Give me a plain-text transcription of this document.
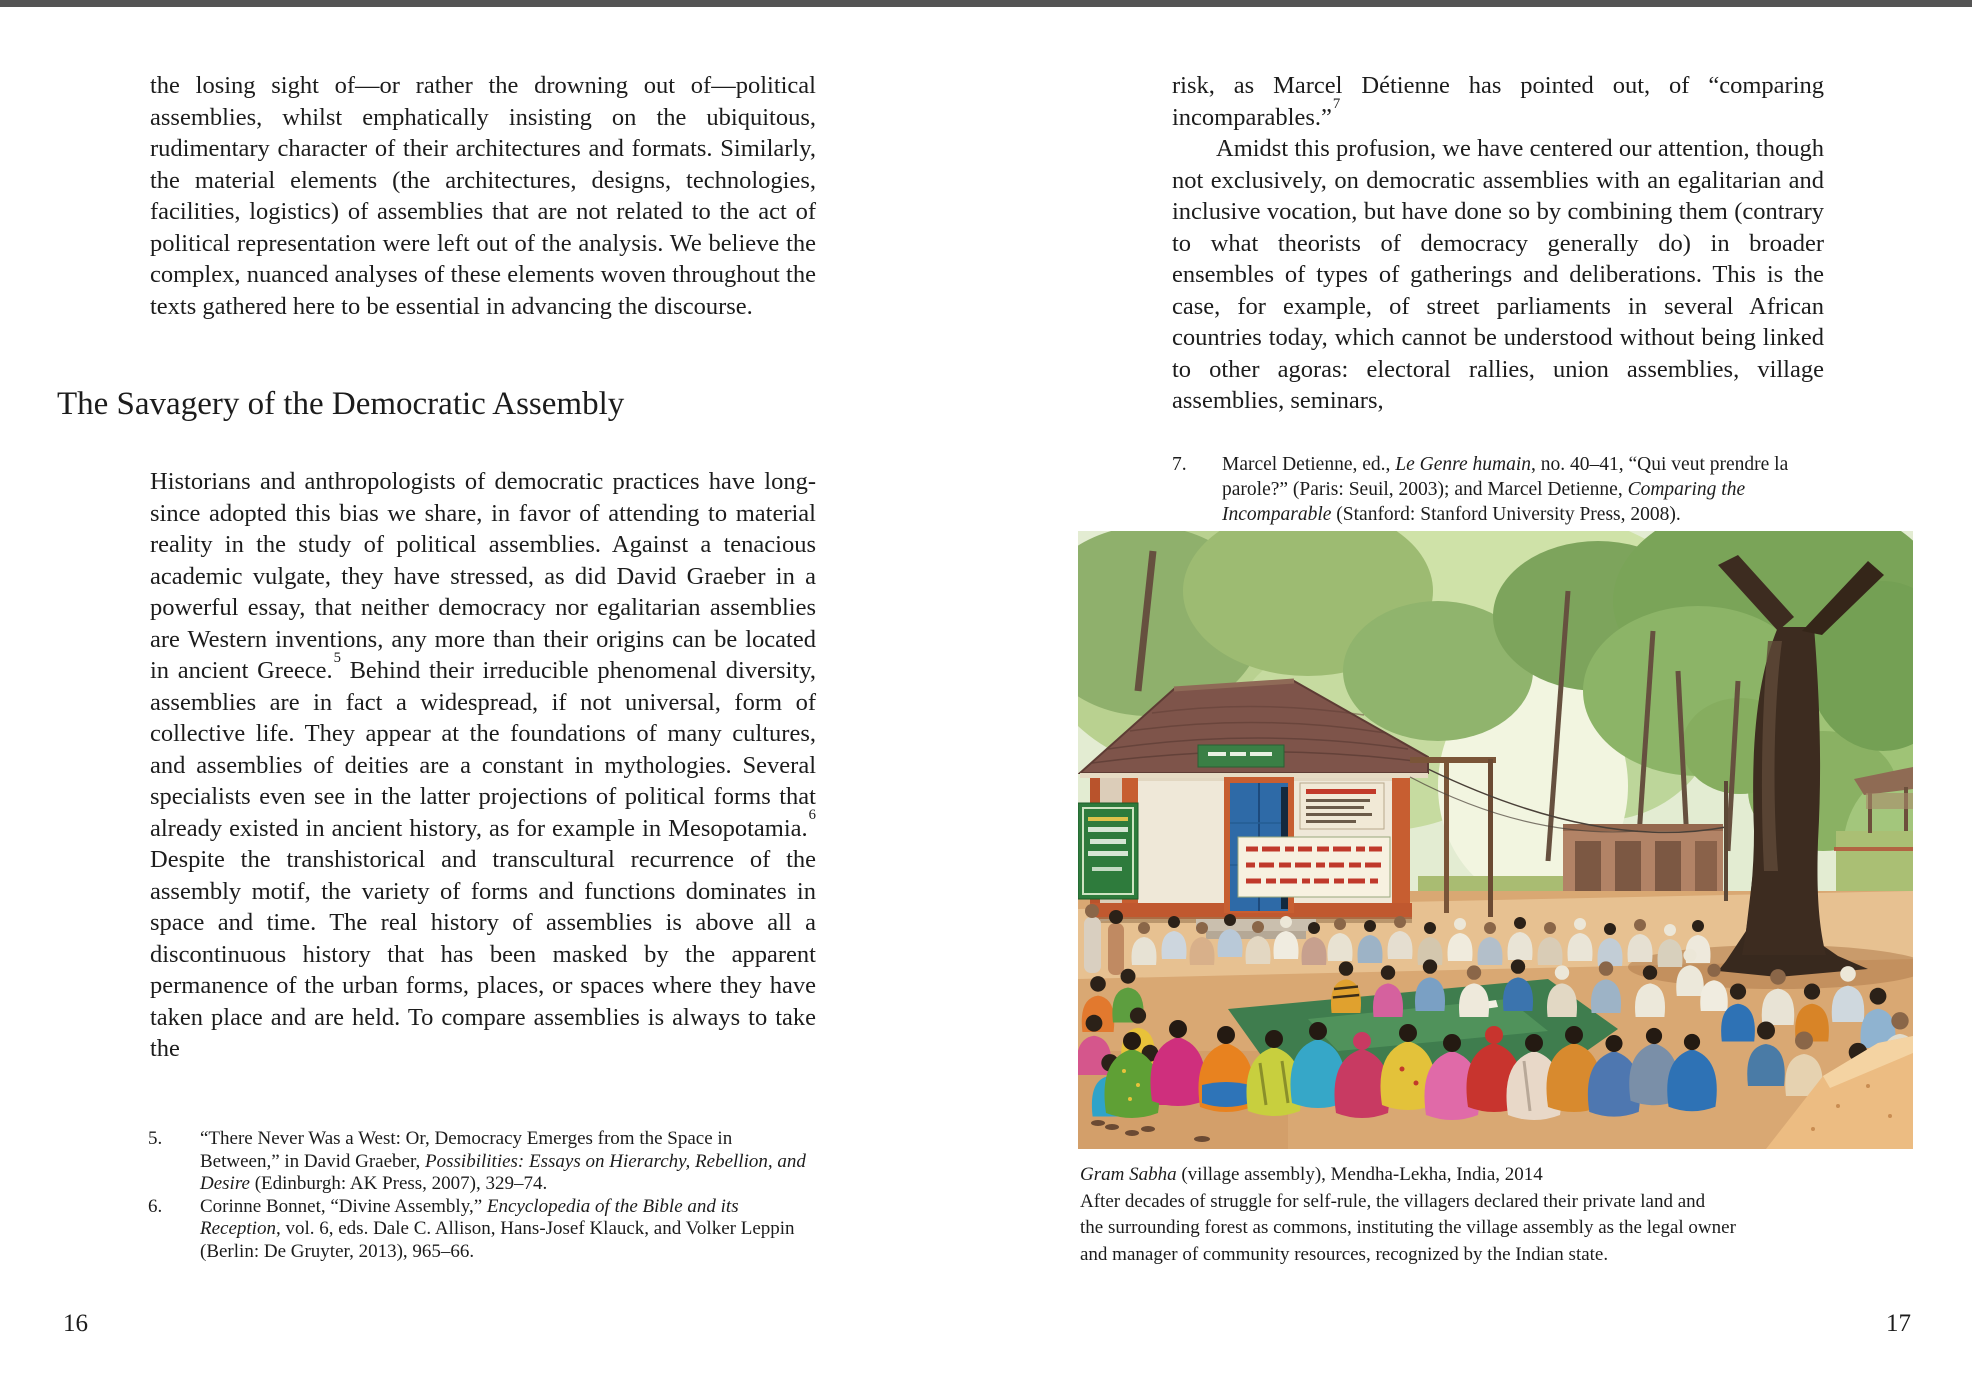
the losing sight of—or rather the drowning out of—political assemblies, whilst emphatically insisting on the ubiquitous, rudimentary character of their architectures and formats. Similarly, the material elements (the architectures, designs, technologies, facilities, logistics) of assemblies that are not related to the act of political representation were left out of the analysis. We believe the complex, nuanced analyses of these elements woven throughout the texts gathered here to be essential in advancing the discourse.
The Savagery of the Democratic Assembly
Historians and anthropologists of democratic practices have long-since adopted this bias we share, in favor of attending to material reality in the study of political assemblies. Against a tenacious academic vulgate, they have stressed, as did David Graeber in a powerful essay, that neither democracy nor egalitarian assemblies are Western inventions, any more than their origins can be located in ancient Greece.$^5$ Behind their irreducible phenomenal diversity, assemblies are in fact a widespread, if not universal, form of collective life. They appear at the foundations of many cultures, and assemblies of deities are a constant in mythologies. Several specialists even see in the latter projections of political forms that already existed in ancient history, as for example in Mesopotamia.$^6$ Despite the transhistorical and transcultural recurrence of the assembly motif, the variety of forms and functions dominates in space and time. The real history of assemblies is above all a discontinuous history that has been masked by the apparent permanence of the urban forms, places, or spaces where they have taken place and are held. To compare assemblies is always to take the
5.	“There Never Was a West: Or, Democracy Emerges from the Space in Between,” in David Graeber, Possibilities: Essays on Hierarchy, Rebellion, and Desire (Edinburgh: AK Press, 2007), 329–74.
6.	Corinne Bonnet, “Divine Assembly,” Encyclopedia of the Bible and its Reception, vol. 6, eds. Dale C. Allison, Hans-Josef Klauck, and Volker Leppin (Berlin: De Gruyter, 2013), 965–66.
16

risk, as Marcel Détienne has pointed out, of “comparing incomparables.”$^7$

Amidst this profusion, we have centered our attention, though not exclusively, on democratic assemblies with an egalitarian and inclusive vocation, but have done so by combining them (contrary to what theorists of democracy generally do) in broader ensembles of types of gatherings and deliberations. This is the case, for example, of street parliaments in several African countries today, which cannot be understood without being linked to other agoras: electoral rallies, union assemblies, village assemblies, seminars,

7.	Marcel Detienne, ed., Le Genre humain, no. 40–41, “Qui veut prendre la parole?” (Paris: Seuil, 2003); and Marcel Detienne, Comparing the Incomparable (Stanford: Stanford University Press, 2008).
Gram Sabha (village assembly), Mendha-Lekha, India, 2014
After decades of struggle for self-rule, the villagers declared their private land and
the surrounding forest as commons, instituting the village assembly as the legal owner
and manager of community resources, recognized by the Indian state.
17
